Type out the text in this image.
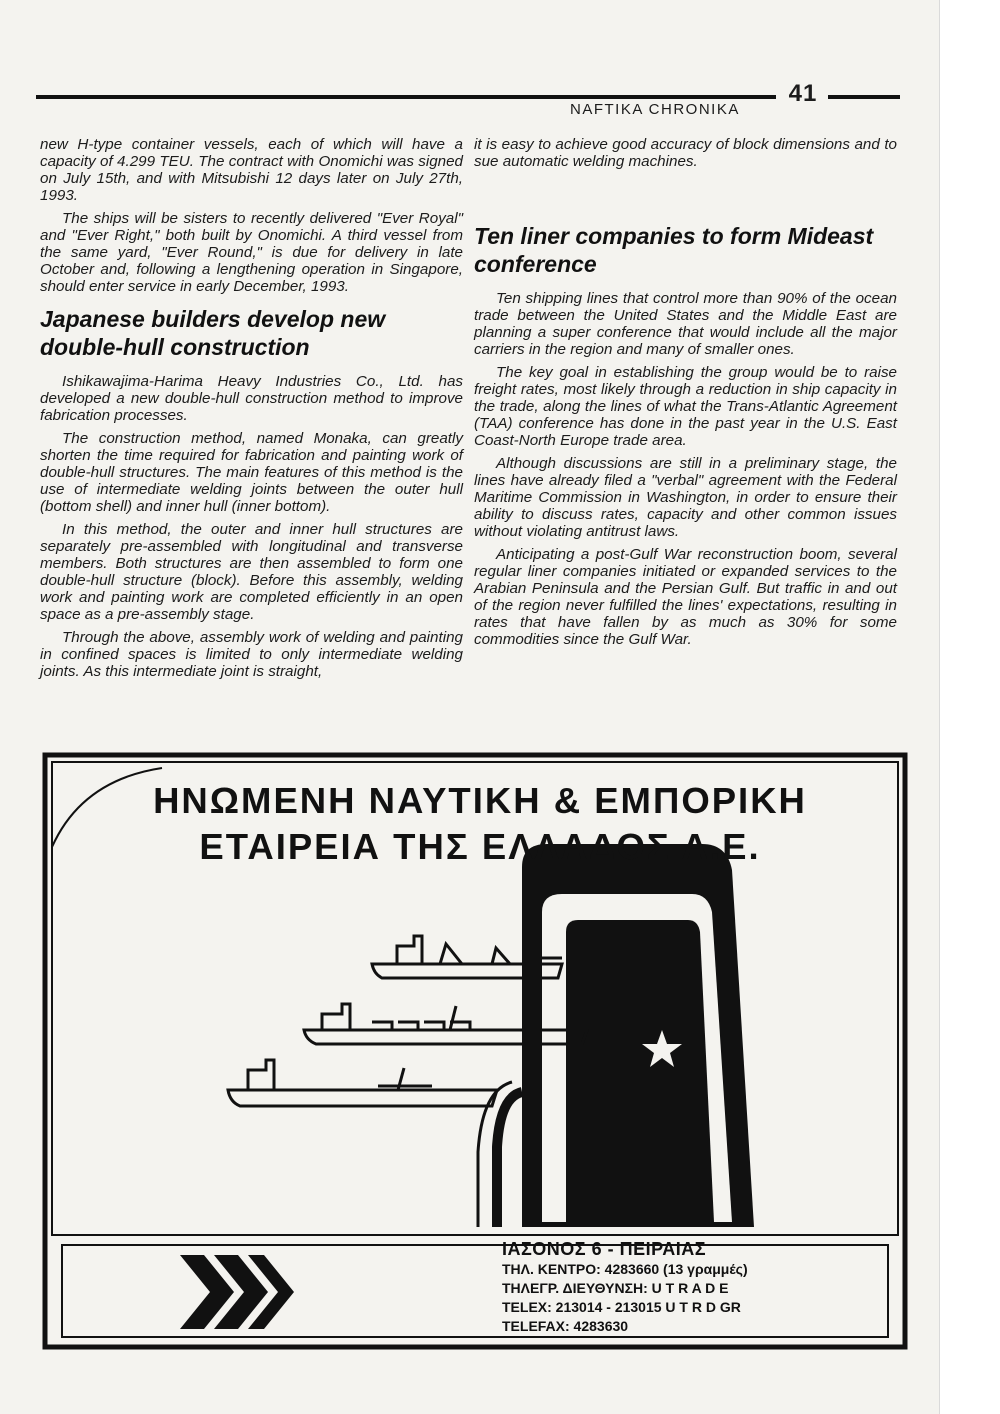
41
NAFTIKA CHRONIKA

new H-type container vessels, each of which will have a capacity of 4.299 TEU. The contract with Onomichi was signed on July 15th, and with Mitsubishi 12 days later on July 27th, 1993.

The ships will be sisters to recently delivered "Ever Royal" and "Ever Right," both built by Onomichi. A third vessel from the same yard, "Ever Round," is due for delivery in late October and, following a lengthening operation in Singapore, should enter service in early December, 1993.

Japanese builders develop new double-hull construction

Ishikawajima-Harima Heavy Industries Co., Ltd. has developed a new double-hull construction method to improve fabrication processes.

The construction method, named Monaka, can greatly shorten the time required for fabrication and painting work of double-hull structures. The main features of this method is the use of intermediate welding joints between the outer hull (bottom shell) and inner hull (inner bottom).

In this method, the outer and inner hull structures are separately pre-assembled with longitudinal and transverse members. Both structures are then assembled to form one double-hull structure (block). Before this assembly, welding work and painting work are completed efficiently in an open space as a pre-assembly stage.

Through the above, assembly work of welding and painting in confined spaces is limited to only intermediate welding joints. As this intermediate joint is straight,

it is easy to achieve good accuracy of block dimensions and to sue automatic welding machines.

Ten liner companies to form Mideast conference

Ten shipping lines that control more than 90% of the ocean trade between the United States and the Middle East are planning a super conference that would include all the major carriers in the region and many of smaller ones.

The key goal in establishing the group would be to raise freight rates, most likely through a reduction in ship capacity in the trade, along the lines of what the Trans-Atlantic Agreement (TAA) conference has done in the past year in the U.S. East Coast-North Europe trade area.

Although discussions are still in a preliminary stage, the lines have already filed a "verbal" agreement with the Federal Maritime Commission in Washington, in order to ensure their ability to discuss rates, capacity and other common issues without violating antitrust laws.

Anticipating a post-Gulf War reconstruction boom, several regular liner companies initiated or expanded services to the Arabian Peninsula and the Persian Gulf. But traffic in and out of the region never fulfilled the lines' expectations, resulting in rates that have fallen by as much as 30% for some commodities since the Gulf War.

ΗΝΩΜΕΝΗ ΝΑΥΤΙΚΗ & ΕΜΠΟΡΙΚΗ
ΕΤΑΙΡΕΙΑ ΤΗΣ ΕΛΛΑΔΟΣ Α.Ε.
ΙΑΣΟΝΟΣ 6 - ΠΕΙΡΑΙΑΣ
ΤΗΛ. ΚΕΝΤΡΟ: 4283660 (13 γραμμές)
ΤΗΛΕΓΡ. ΔΙΕΥΘΥΝΣΗ: U T R A D E
TELEX: 213014 - 213015 U T R D GR
TELEFAX: 4283630
